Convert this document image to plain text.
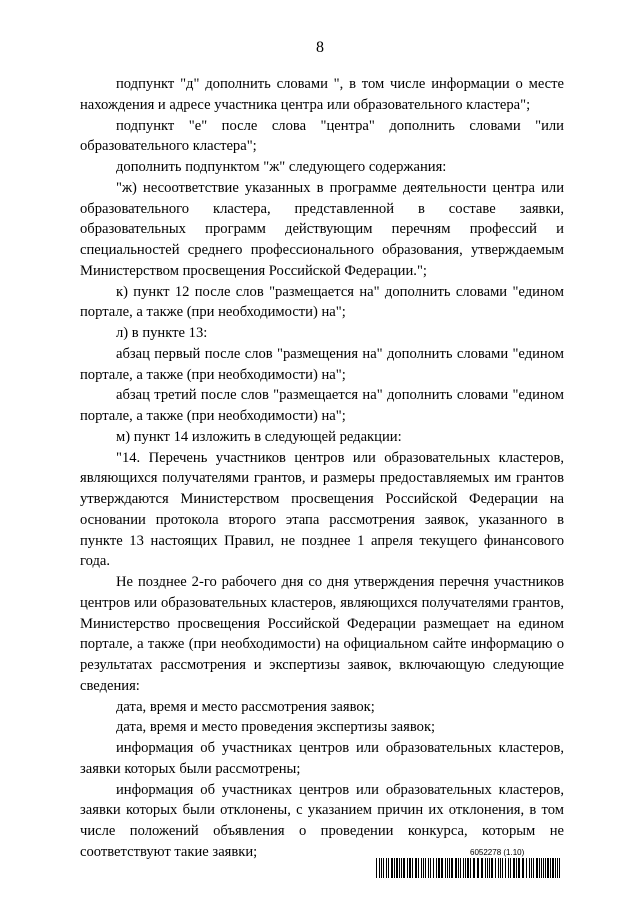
8

подпункт "д" дополнить словами ", в том числе информации о месте нахождения и адресе участника центра или образовательного кластера";

подпункт "е" после слова "центра" дополнить словами "или образовательного кластера";

дополнить подпунктом "ж" следующего содержания:

"ж) несоответствие указанных в программе деятельности центра или образовательного кластера, представленной в составе заявки, образовательных программ действующим перечням профессий и специальностей среднего профессионального образования, утверждаемым Министерством просвещения Российской Федерации.";

к) пункт 12 после слов "размещается на" дополнить словами "едином портале, а также (при необходимости) на";

л) в пункте 13:

абзац первый после слов "размещения на" дополнить словами "едином портале, а также (при необходимости) на";

абзац третий после слов "размещается на" дополнить словами "едином портале, а также (при необходимости) на";

м) пункт 14 изложить в следующей редакции:

"14. Перечень участников центров или образовательных кластеров, являющихся получателями грантов, и размеры предоставляемых им грантов утверждаются Министерством просвещения Российской Федерации на основании протокола второго этапа рассмотрения заявок, указанного в пункте 13 настоящих Правил, не позднее 1 апреля текущего финансового года.

Не позднее 2-го рабочего дня со дня утверждения перечня участников центров или образовательных кластеров, являющихся получателями грантов, Министерство просвещения Российской Федерации размещает на едином портале, а также (при необходимости) на официальном сайте информацию о результатах рассмотрения и экспертизы заявок, включающую следующие сведения:

дата, время и место рассмотрения заявок;

дата, время и место проведения экспертизы заявок;

информация об участниках центров или образовательных кластеров, заявки которых были рассмотрены;

информация об участниках центров или образовательных кластеров, заявки которых были отклонены, с указанием причин их отклонения, в том числе положений объявления о проведении конкурса, которым не соответствуют такие заявки;	6052278 (1.10)
